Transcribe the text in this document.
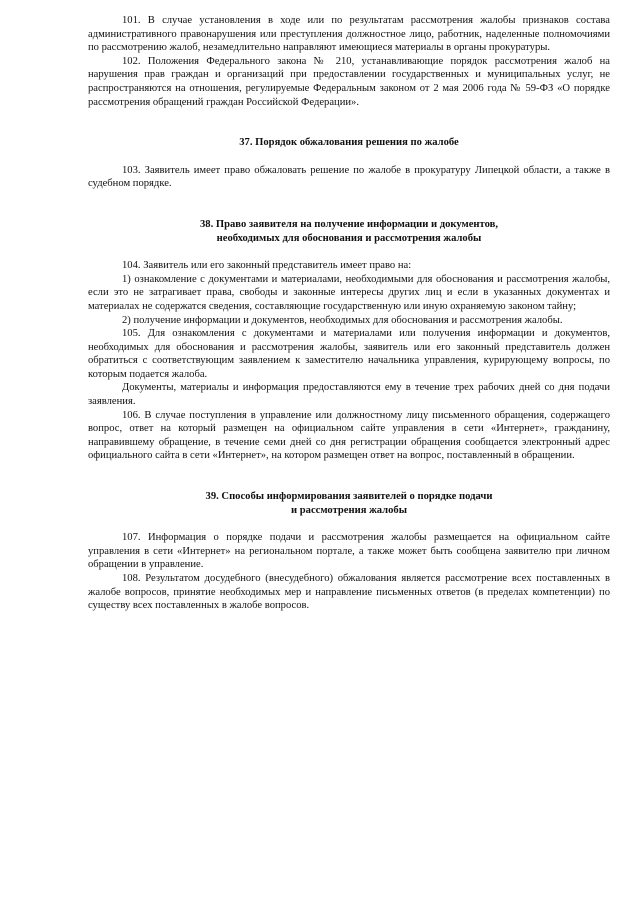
101. В случае установления в ходе или по результатам рассмотрения жалобы признаков состава административного правонарушения или преступления должностное лицо, работник, наделенные полномочиями по рассмотрению жалоб, незамедлительно направляют имеющиеся материалы в органы прокуратуры.

102. Положения Федерального закона № 210, устанавливающие порядок рассмотрения жалоб на нарушения прав граждан и организаций при предоставлении государственных и муниципальных услуг, не распространяются на отношения, регулируемые Федеральным законом от 2 мая 2006 года № 59-ФЗ «О порядке рассмотрения обращений граждан Российской Федерации».

37. Порядок обжалования решения по жалобе

103. Заявитель имеет право обжаловать решение по жалобе в прокуратуру Липецкой области, а также в судебном порядке.

38. Право заявителя на получение информации и документов,
необходимых для обоснования и рассмотрения жалобы

104. Заявитель или его законный представитель имеет право на:

1) ознакомление с документами и материалами, необходимыми для обоснования и рассмотрения жалобы, если это не затрагивает права, свободы и законные интересы других лиц и если в указанных документах и материалах не содержатся сведения, составляющие государственную или иную охраняемую законом тайну;

2) получение информации и документов, необходимых для обоснования и рассмотрения жалобы.

105. Для ознакомления с документами и материалами или получения информации и документов, необходимых для обоснования и рассмотрения жалобы, заявитель или его законный представитель должен обратиться с соответствующим заявлением к заместителю начальника управления, курирующему вопросы, по которым подается жалоба.

Документы, материалы и информация предоставляются ему в течение трех рабочих дней со дня подачи заявления.

106. В случае поступления в управление или должностному лицу письменного обращения, содержащего вопрос, ответ на который размещен на официальном сайте управления в сети «Интернет», гражданину, направившему обращение, в течение семи дней со дня регистрации обращения сообщается электронный адрес официального сайта в сети «Интернет», на котором размещен ответ на вопрос, поставленный в обращении.

39. Способы информирования заявителей о порядке подачи
и рассмотрения жалобы

107. Информация о порядке подачи и рассмотрения жалобы размещается на официальном сайте управления в сети «Интернет» на региональном портале, а также может быть сообщена заявителю при личном обращении в управление.

108. Результатом досудебного (внесудебного) обжалования является рассмотрение всех поставленных в жалобе вопросов, принятие необходимых мер и направление письменных ответов (в пределах компетенции) по существу всех поставленных в жалобе вопросов.
